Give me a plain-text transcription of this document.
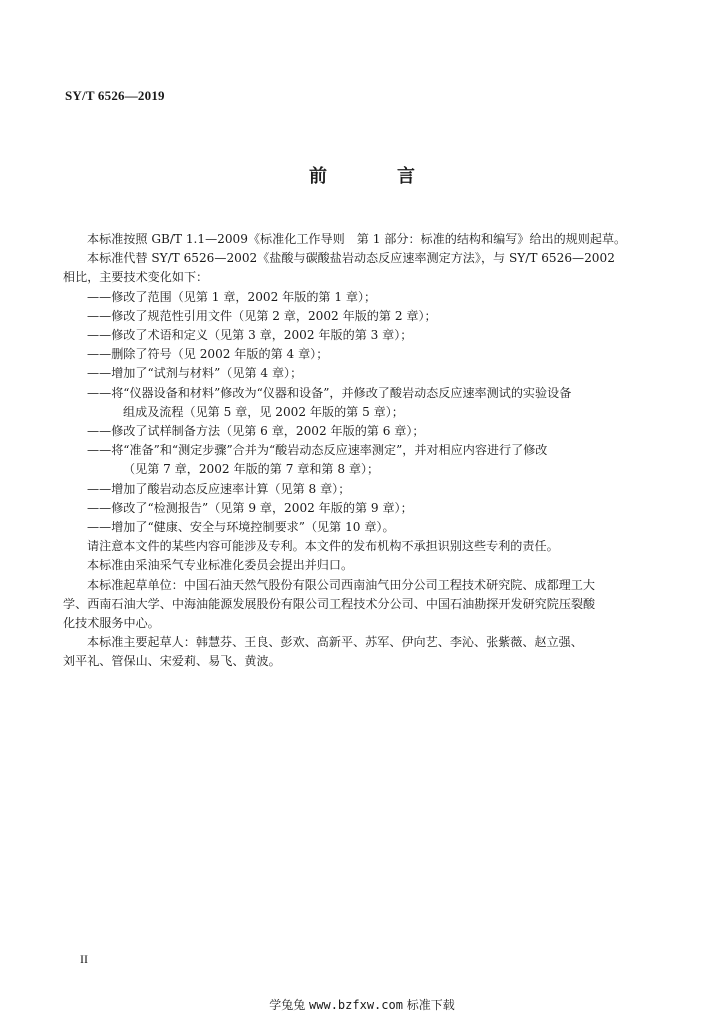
SY/T 6526—2019
前　言
本标准按照 GB/T 1.1—2009《标准化工作导则　第 1 部分：标准的结构和编写》给出的规则起草。
本标准代替 SY/T 6526—2002《盐酸与碳酸盐岩动态反应速率测定方法》，与 SY/T 6526—2002
相比，主要技术变化如下：
——修改了范围（见第 1 章，2002 年版的第 1 章）；
——修改了规范性引用文件（见第 2 章，2002 年版的第 2 章）；
——修改了术语和定义（见第 3 章，2002 年版的第 3 章）；
——删除了符号（见 2002 年版的第 4 章）；
——增加了“试剂与材料”（见第 4 章）；
——将“仪器设备和材料”修改为“仪器和设备”，并修改了酸岩动态反应速率测试的实验设备
组成及流程（见第 5 章，见 2002 年版的第 5 章）；
——修改了试样制备方法（见第 6 章，2002 年版的第 6 章）；
——将“准备”和“测定步骤”合并为“酸岩动态反应速率测定”，并对相应内容进行了修改
（见第 7 章，2002 年版的第 7 章和第 8 章）；
——增加了酸岩动态反应速率计算（见第 8 章）；
——修改了“检测报告”（见第 9 章，2002 年版的第 9 章）；
——增加了“健康、安全与环境控制要求”（见第 10 章）。
请注意本文件的某些内容可能涉及专利。本文件的发布机构不承担识别这些专利的责任。
本标准由采油采气专业标准化委员会提出并归口。
本标准起草单位：中国石油天然气股份有限公司西南油气田分公司工程技术研究院、成都理工大
学、西南石油大学、中海油能源发展股份有限公司工程技术分公司、中国石油勘探开发研究院压裂酸
化技术服务中心。
本标准主要起草人：韩慧芬、王良、彭欢、高新平、苏军、伊向艺、李沁、张紫薇、赵立强、
刘平礼、管保山、宋爱莉、易飞、黄波。
II
学兔兔 www.bzfxw.com 标准下载
